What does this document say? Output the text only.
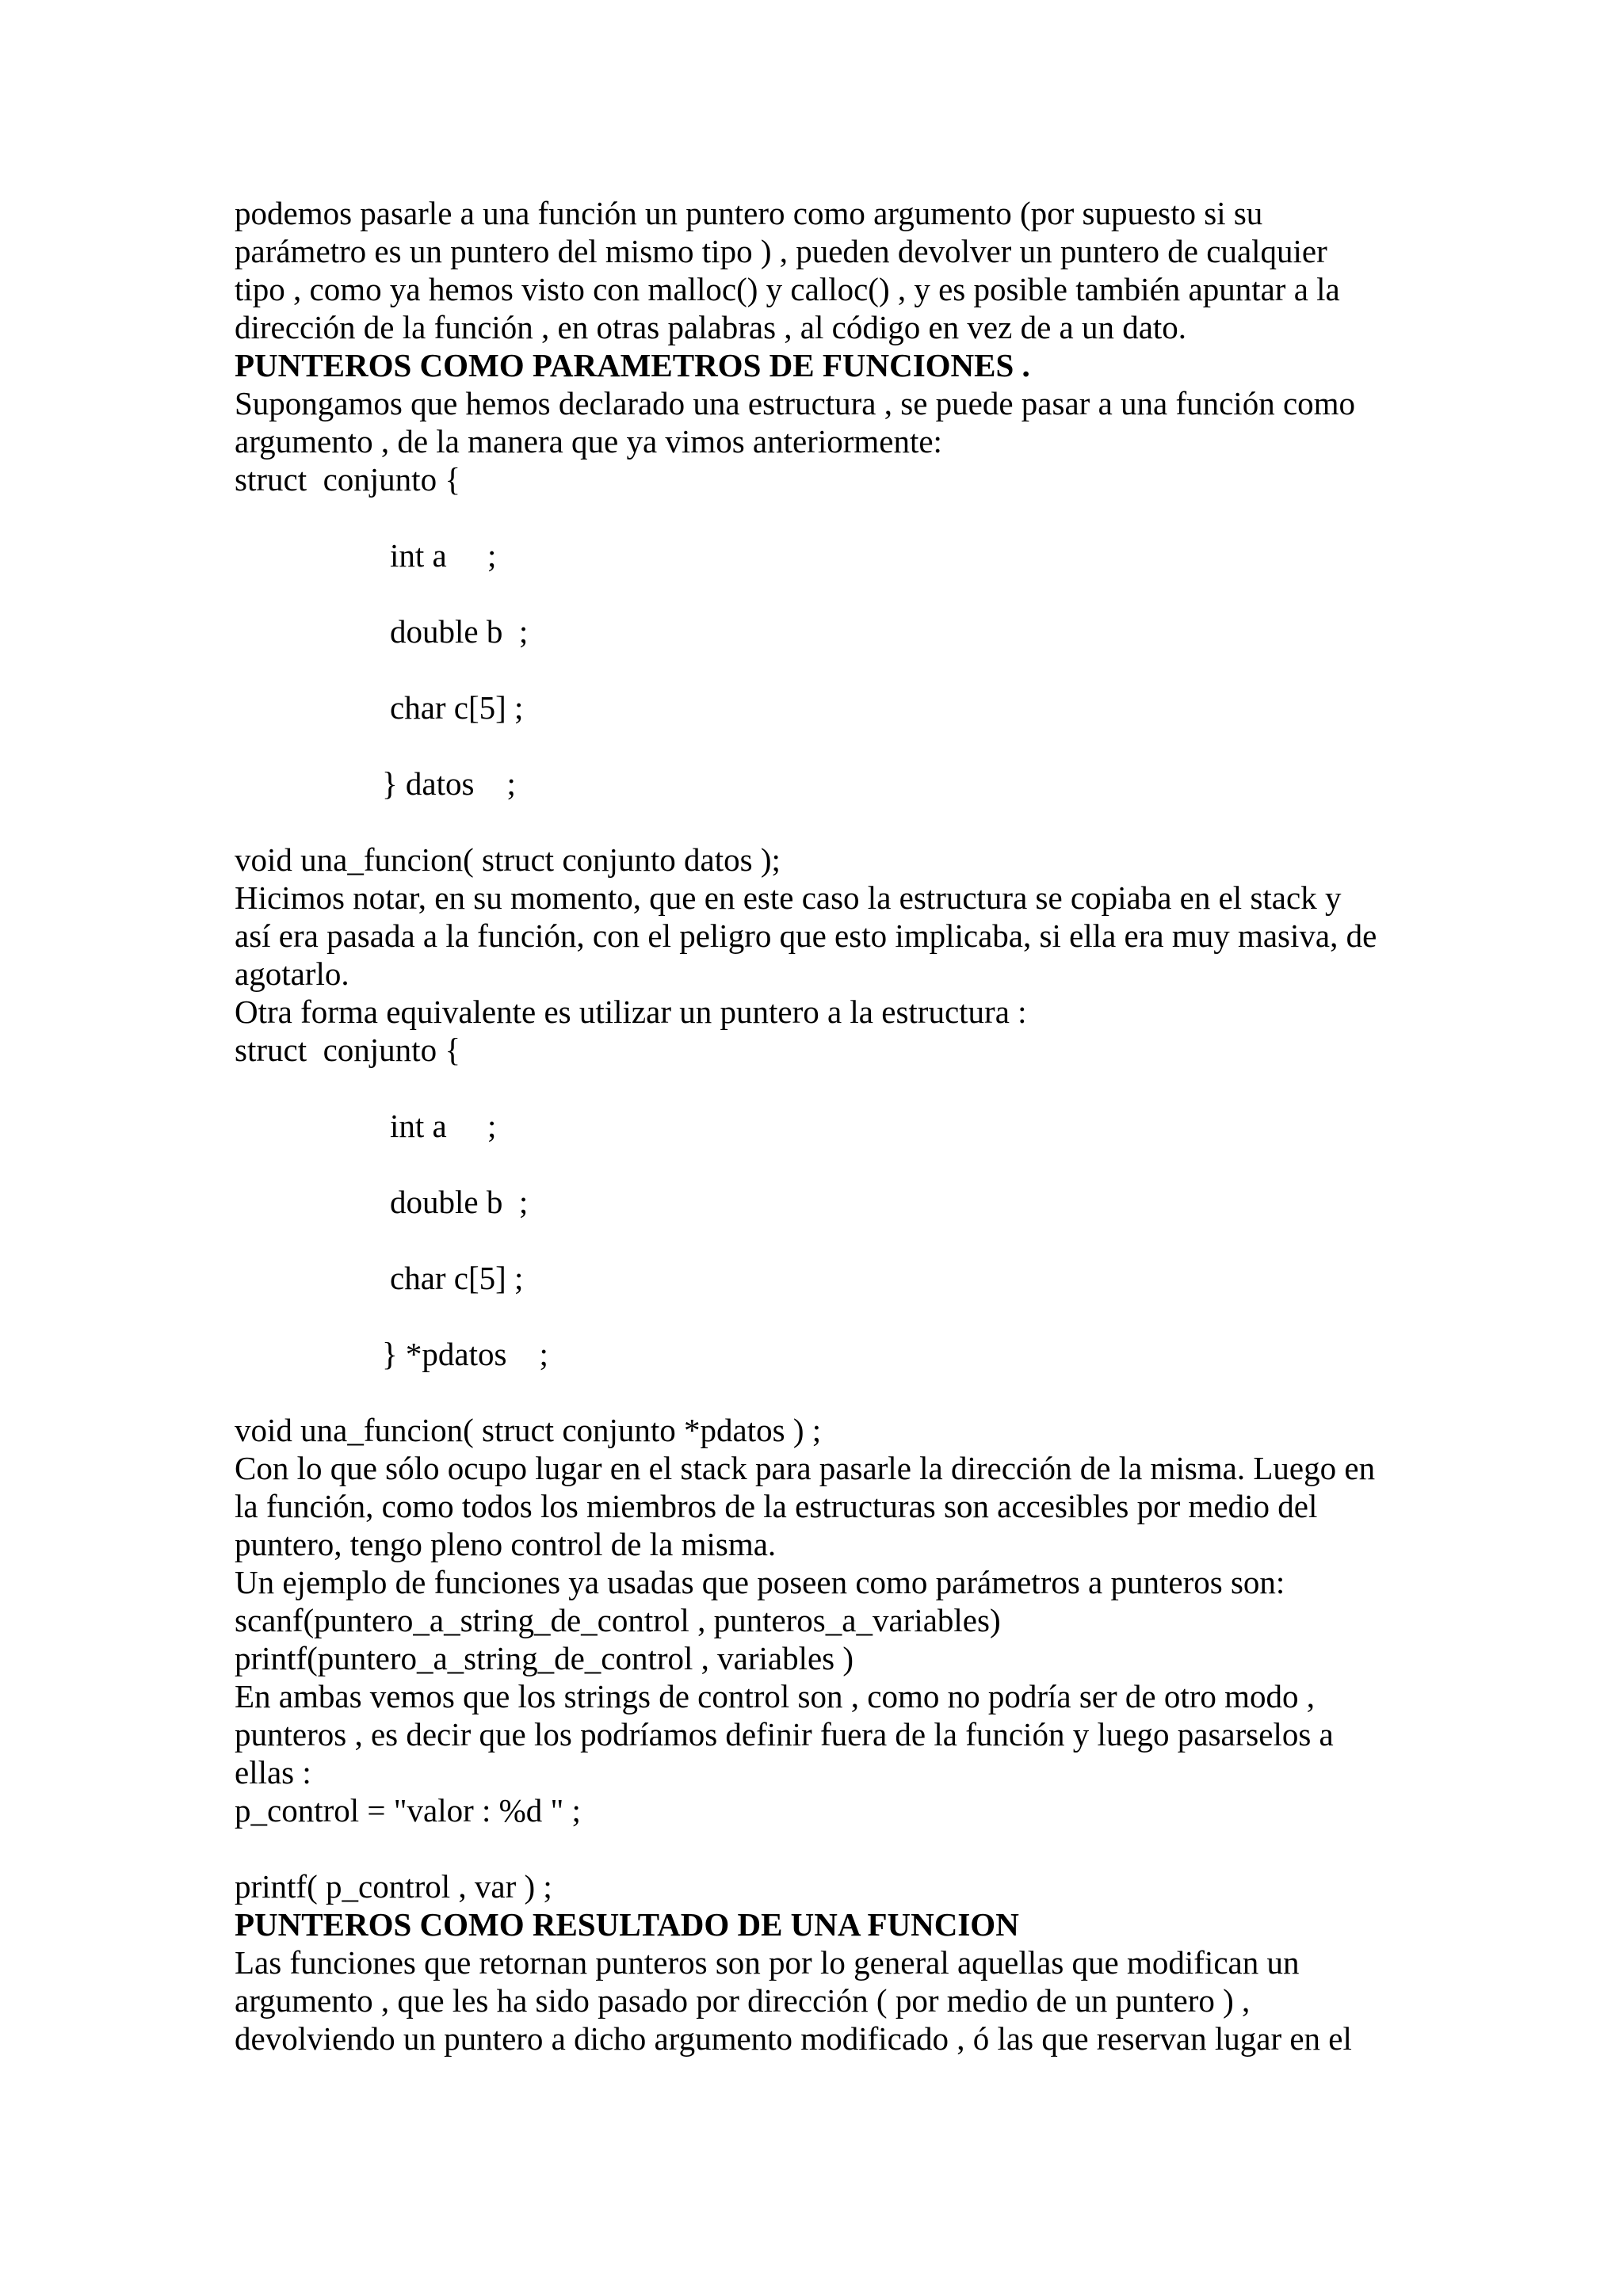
podemos pasarle a una función un puntero como argumento (por supuesto si su
parámetro es un puntero del mismo tipo ) , pueden devolver un puntero de cualquier
tipo , como ya hemos visto con malloc() y calloc() , y es posible también apuntar a la
dirección de la función , en otras palabras , al código en vez de a un dato.
PUNTEROS COMO PARAMETROS DE FUNCIONES .
Supongamos que hemos declarado una estructura , se puede pasar a una función como
argumento , de la manera que ya vimos anteriormente:
struct  conjunto {
int a     ;
double b  ;
char c[5] ;
} datos    ;
void una_funcion( struct conjunto datos );
Hicimos notar, en su momento, que en este caso la estructura se copiaba en el stack y
así era pasada a la función, con el peligro que esto implicaba, si ella era muy masiva, de
agotarlo.
Otra forma equivalente es utilizar un puntero a la estructura :
struct  conjunto {
int a     ;
double b  ;
char c[5] ;
} *pdatos    ;
void una_funcion( struct conjunto *pdatos ) ;
Con lo que sólo ocupo lugar en el stack para pasarle la dirección de la misma. Luego en
la función, como todos los miembros de la estructuras son accesibles por medio del
puntero, tengo pleno control de la misma.
Un ejemplo de funciones ya usadas que poseen como parámetros a punteros son:
scanf(puntero_a_string_de_control , punteros_a_variables)
printf(puntero_a_string_de_control , variables )
En ambas vemos que los strings de control son , como no podría ser de otro modo ,
punteros , es decir que los podríamos definir fuera de la función y luego pasarselos a
ellas :
p_control = "valor : %d " ;
printf( p_control , var ) ;
PUNTEROS COMO RESULTADO DE UNA FUNCION
Las funciones que retornan punteros son por lo general aquellas que modifican un
argumento , que les ha sido pasado por dirección ( por medio de un puntero ) ,
devolviendo un puntero a dicho argumento modificado , ó las que reservan lugar en el
